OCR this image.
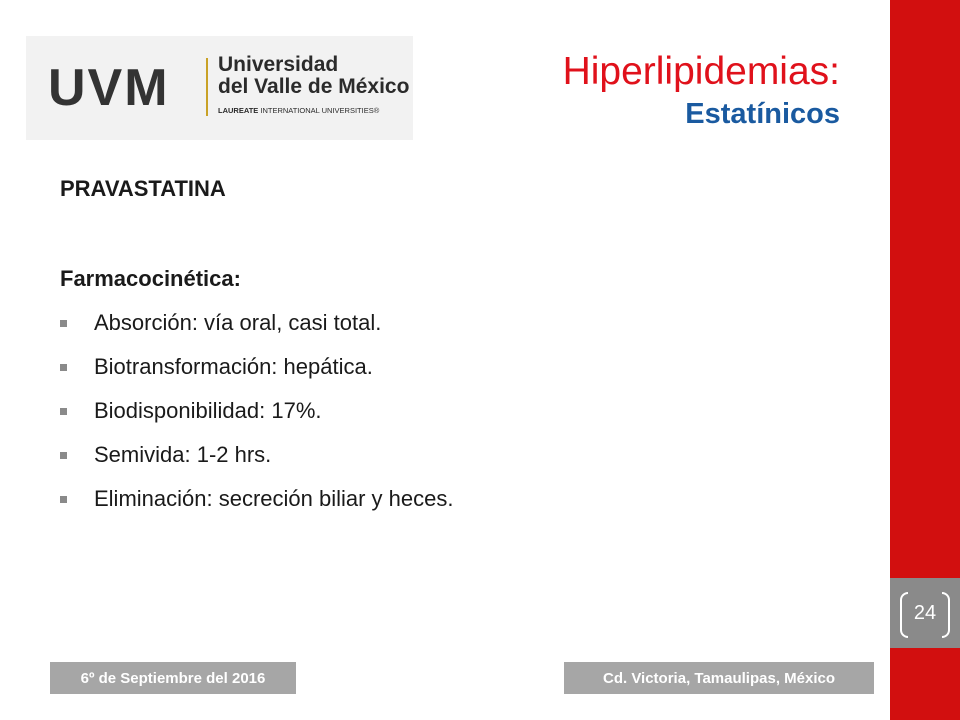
24
UVM Universidad
del Valle de México
LAUREATE INTERNATIONAL UNIVERSITIES®
Hiperlipidemias:
Estatínicos
PRAVASTATINA
Farmacocinética:
Absorción: vía oral, casi total.
Biotransformación: hepática.
Biodisponibilidad: 17%.
Semivida: 1-2 hrs.
Eliminación: secreción biliar y heces.
6º de Septiembre del 2016	Cd. Victoria, Tamaulipas, México
